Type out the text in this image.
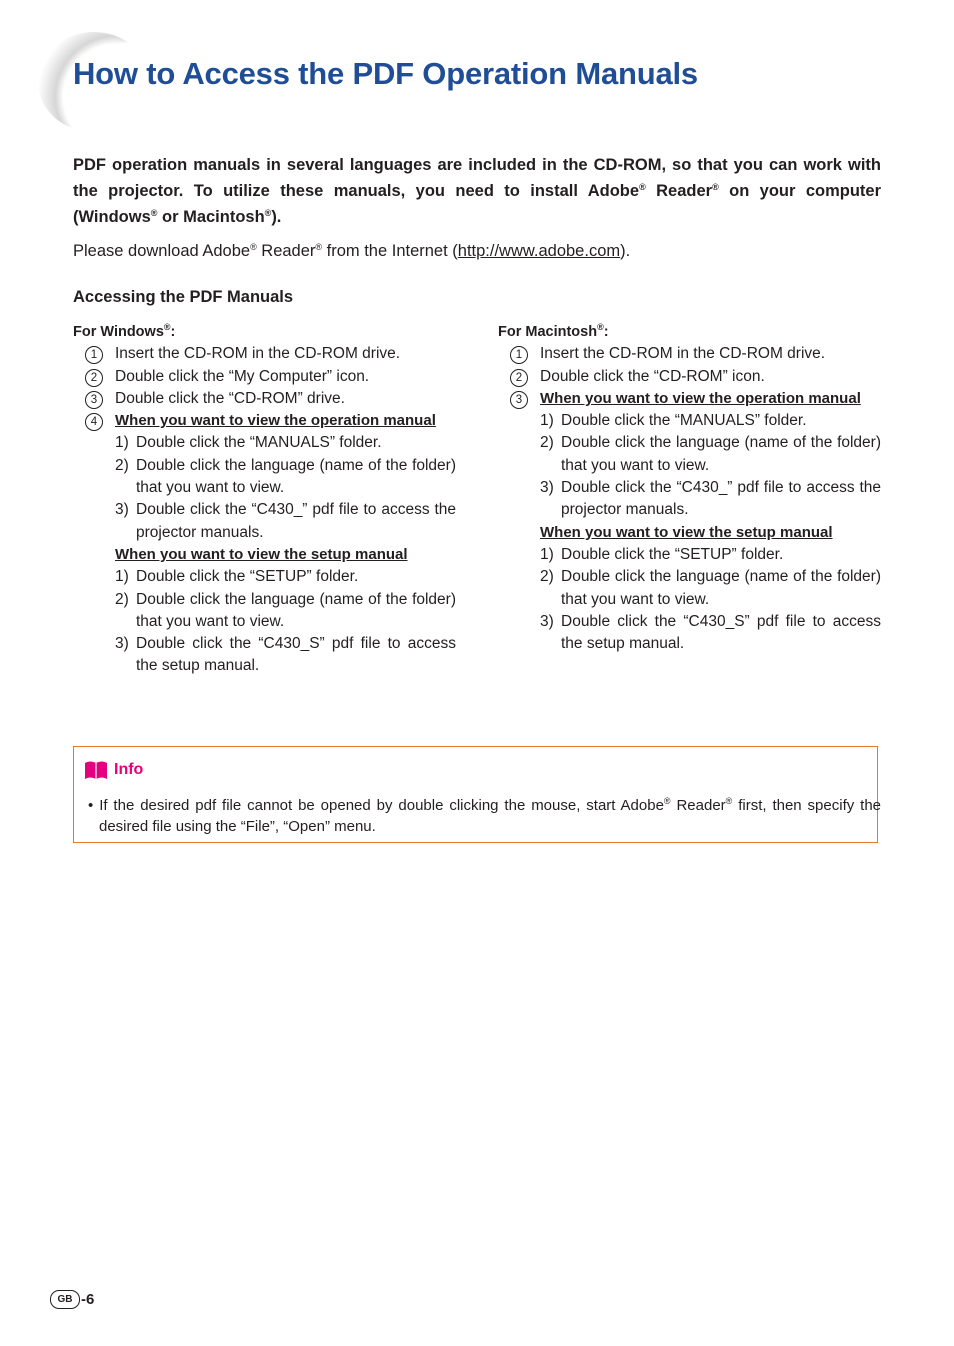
How to Access the PDF Operation Manuals

PDF operation manuals in several languages are included in the CD-ROM, so that you can work with the projector. To utilize these manuals, you need to install Adobe® Reader® on your computer (Windows® or Macintosh®).

Please download Adobe® Reader® from the Internet (http://www.adobe.com).

Accessing the PDF Manuals
For Windows®:
1	Insert the CD-ROM in the CD-ROM drive.
2	Double click the “My Computer” icon.
3	Double click the “CD-ROM” drive.
4	When you want to view the operation manual
1) Double click the “MANUALS” folder.
2) Double click the language (name of the folder) that you want to view.
3) Double click the “C430_” pdf file to access the projector manuals.
When you want to view the setup manual
1) Double click the “SETUP” folder.
2) Double click the language (name of the folder) that you want to view.
3) Double click the “C430_S” pdf file to access the setup manual.
For Macintosh®:
1	Insert the CD-ROM in the CD-ROM drive.
2	Double click the “CD-ROM” icon.
3	When you want to view the operation manual
1) Double click the “MANUALS” folder.
2) Double click the language (name of the folder) that you want to view.
3) Double click the “C430_” pdf file to access the projector manuals.
When you want to view the setup manual
1) Double click the “SETUP” folder.
2) Double click the language (name of the folder) that you want to view.
3) Double click the “C430_S” pdf file to access the setup manual.
Info
• If the desired pdf file cannot be opened by double clicking the mouse, start Adobe® Reader® first, then specify the desired file using the “File”, “Open” menu.
GB -6
